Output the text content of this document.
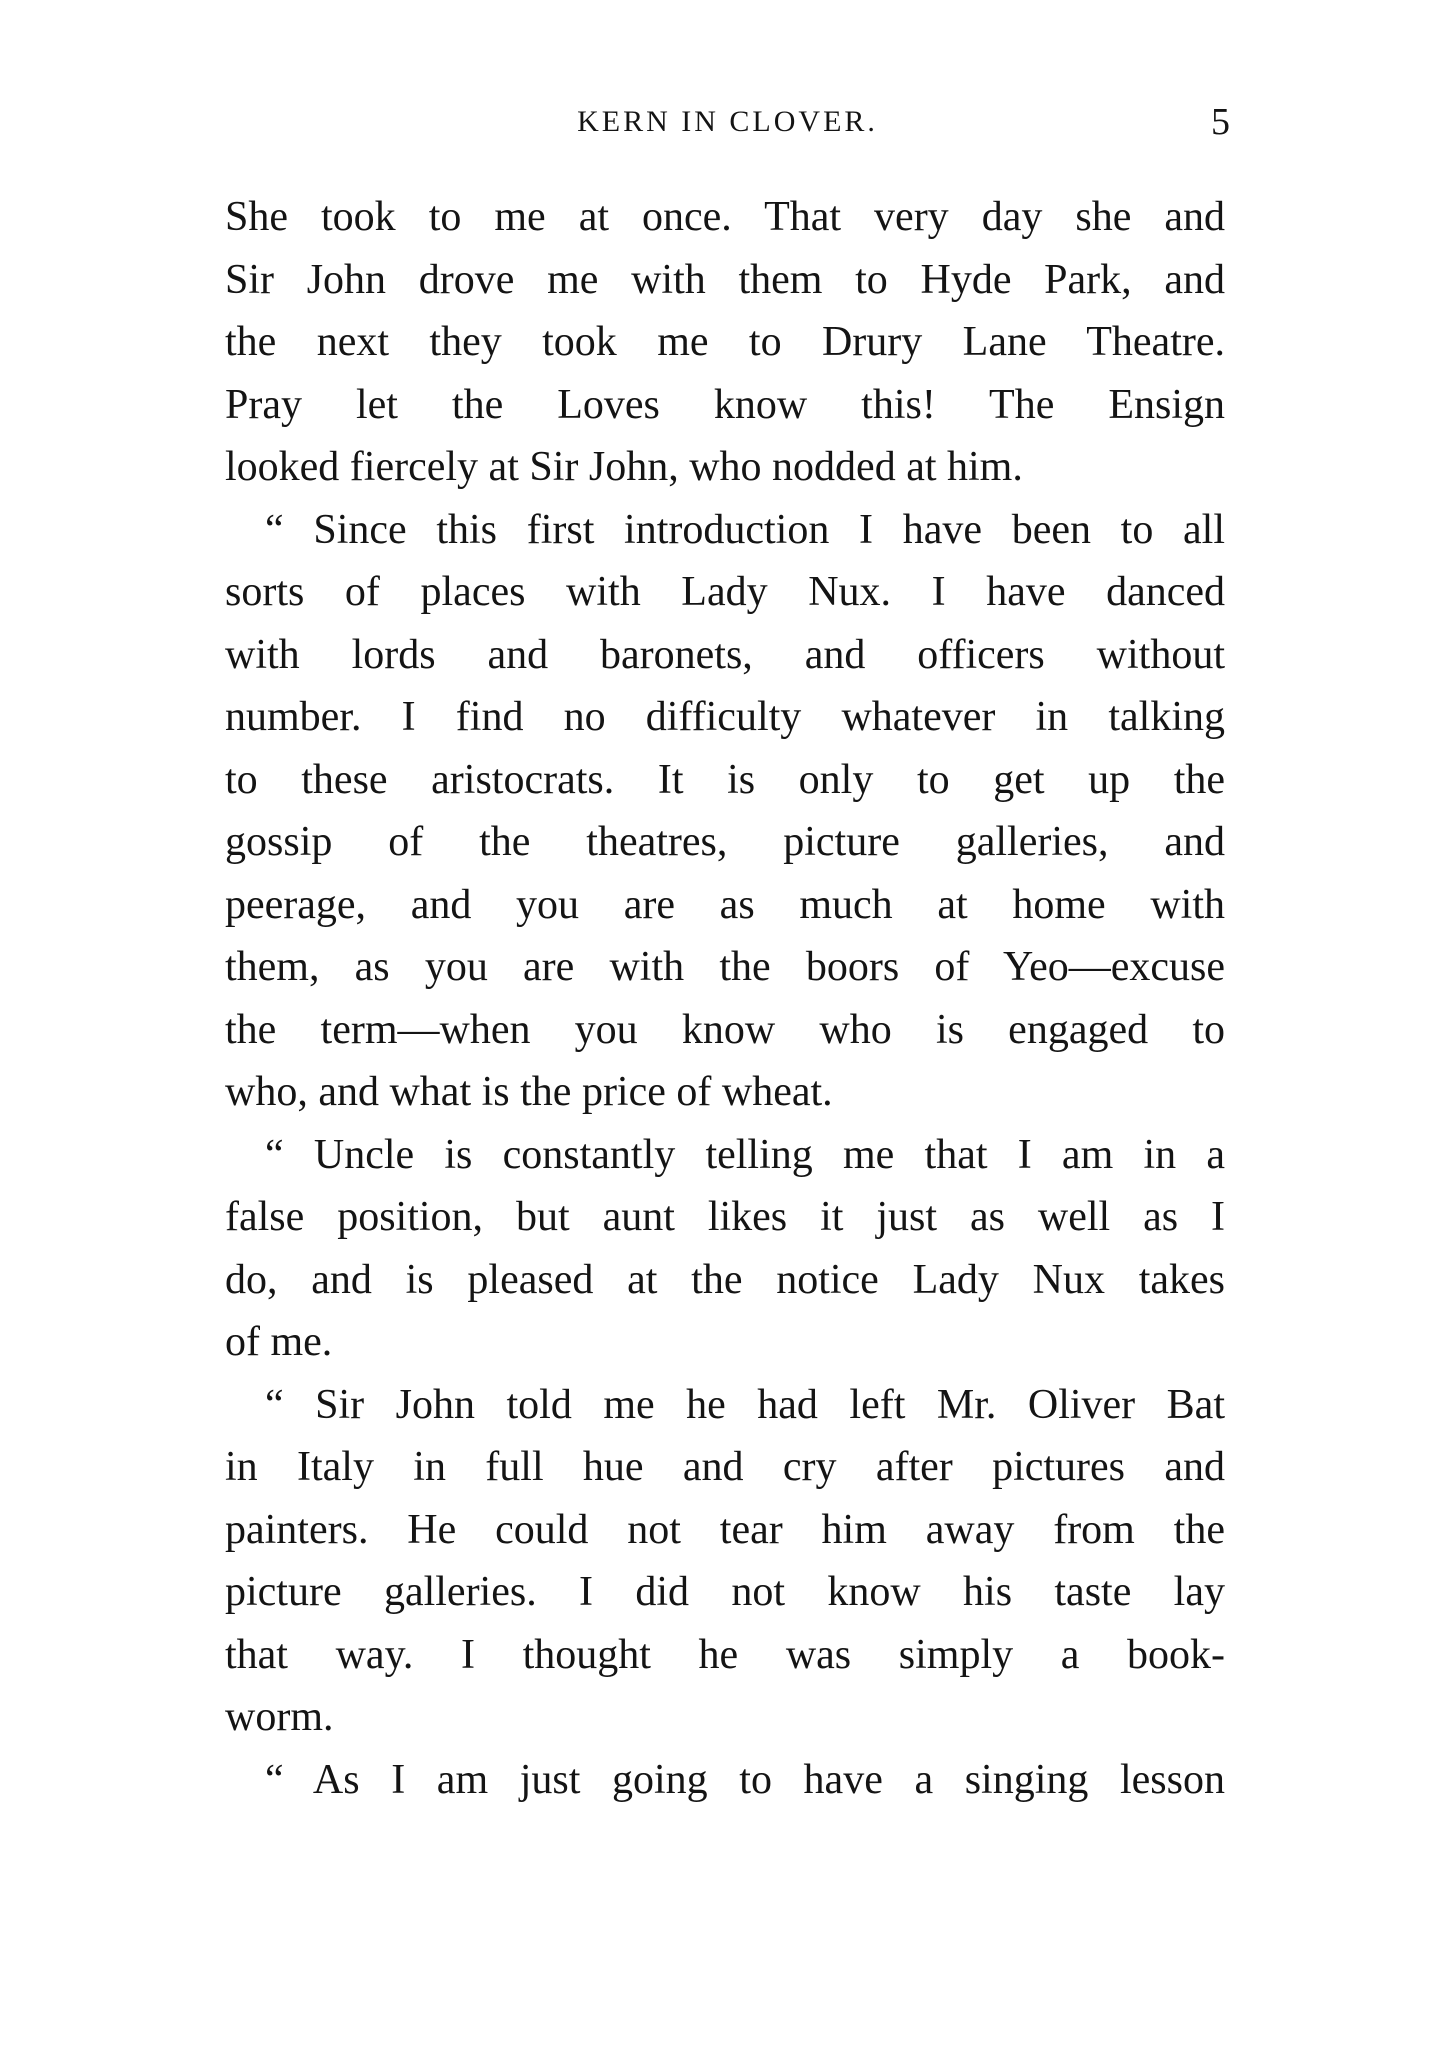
KERN IN CLOVER.	5
She took to me at once. That very day she and
Sir John drove me with them to Hyde Park, and
the next they took me to Drury Lane Theatre.
Pray let the Loves know this! The Ensign
looked fiercely at Sir John, who nodded at him.
“ Since this first introduction I have been to all
sorts of places with Lady Nux. I have danced
with lords and baronets, and officers without
number. I find no difficulty whatever in talking
to these aristocrats. It is only to get up the
gossip of the theatres, picture galleries, and
peerage, and you are as much at home with
them, as you are with the boors of Yeo—excuse
the term—when you know who is engaged to
who, and what is the price of wheat.
“ Uncle is constantly telling me that I am in a
false position, but aunt likes it just as well as I
do, and is pleased at the notice Lady Nux takes
of me.
“ Sir John told me he had left Mr. Oliver Bat
in Italy in full hue and cry after pictures and
painters. He could not tear him away from the
picture galleries. I did not know his taste lay
that way. I thought he was simply a book-
worm.
“ As I am just going to have a singing lesson
